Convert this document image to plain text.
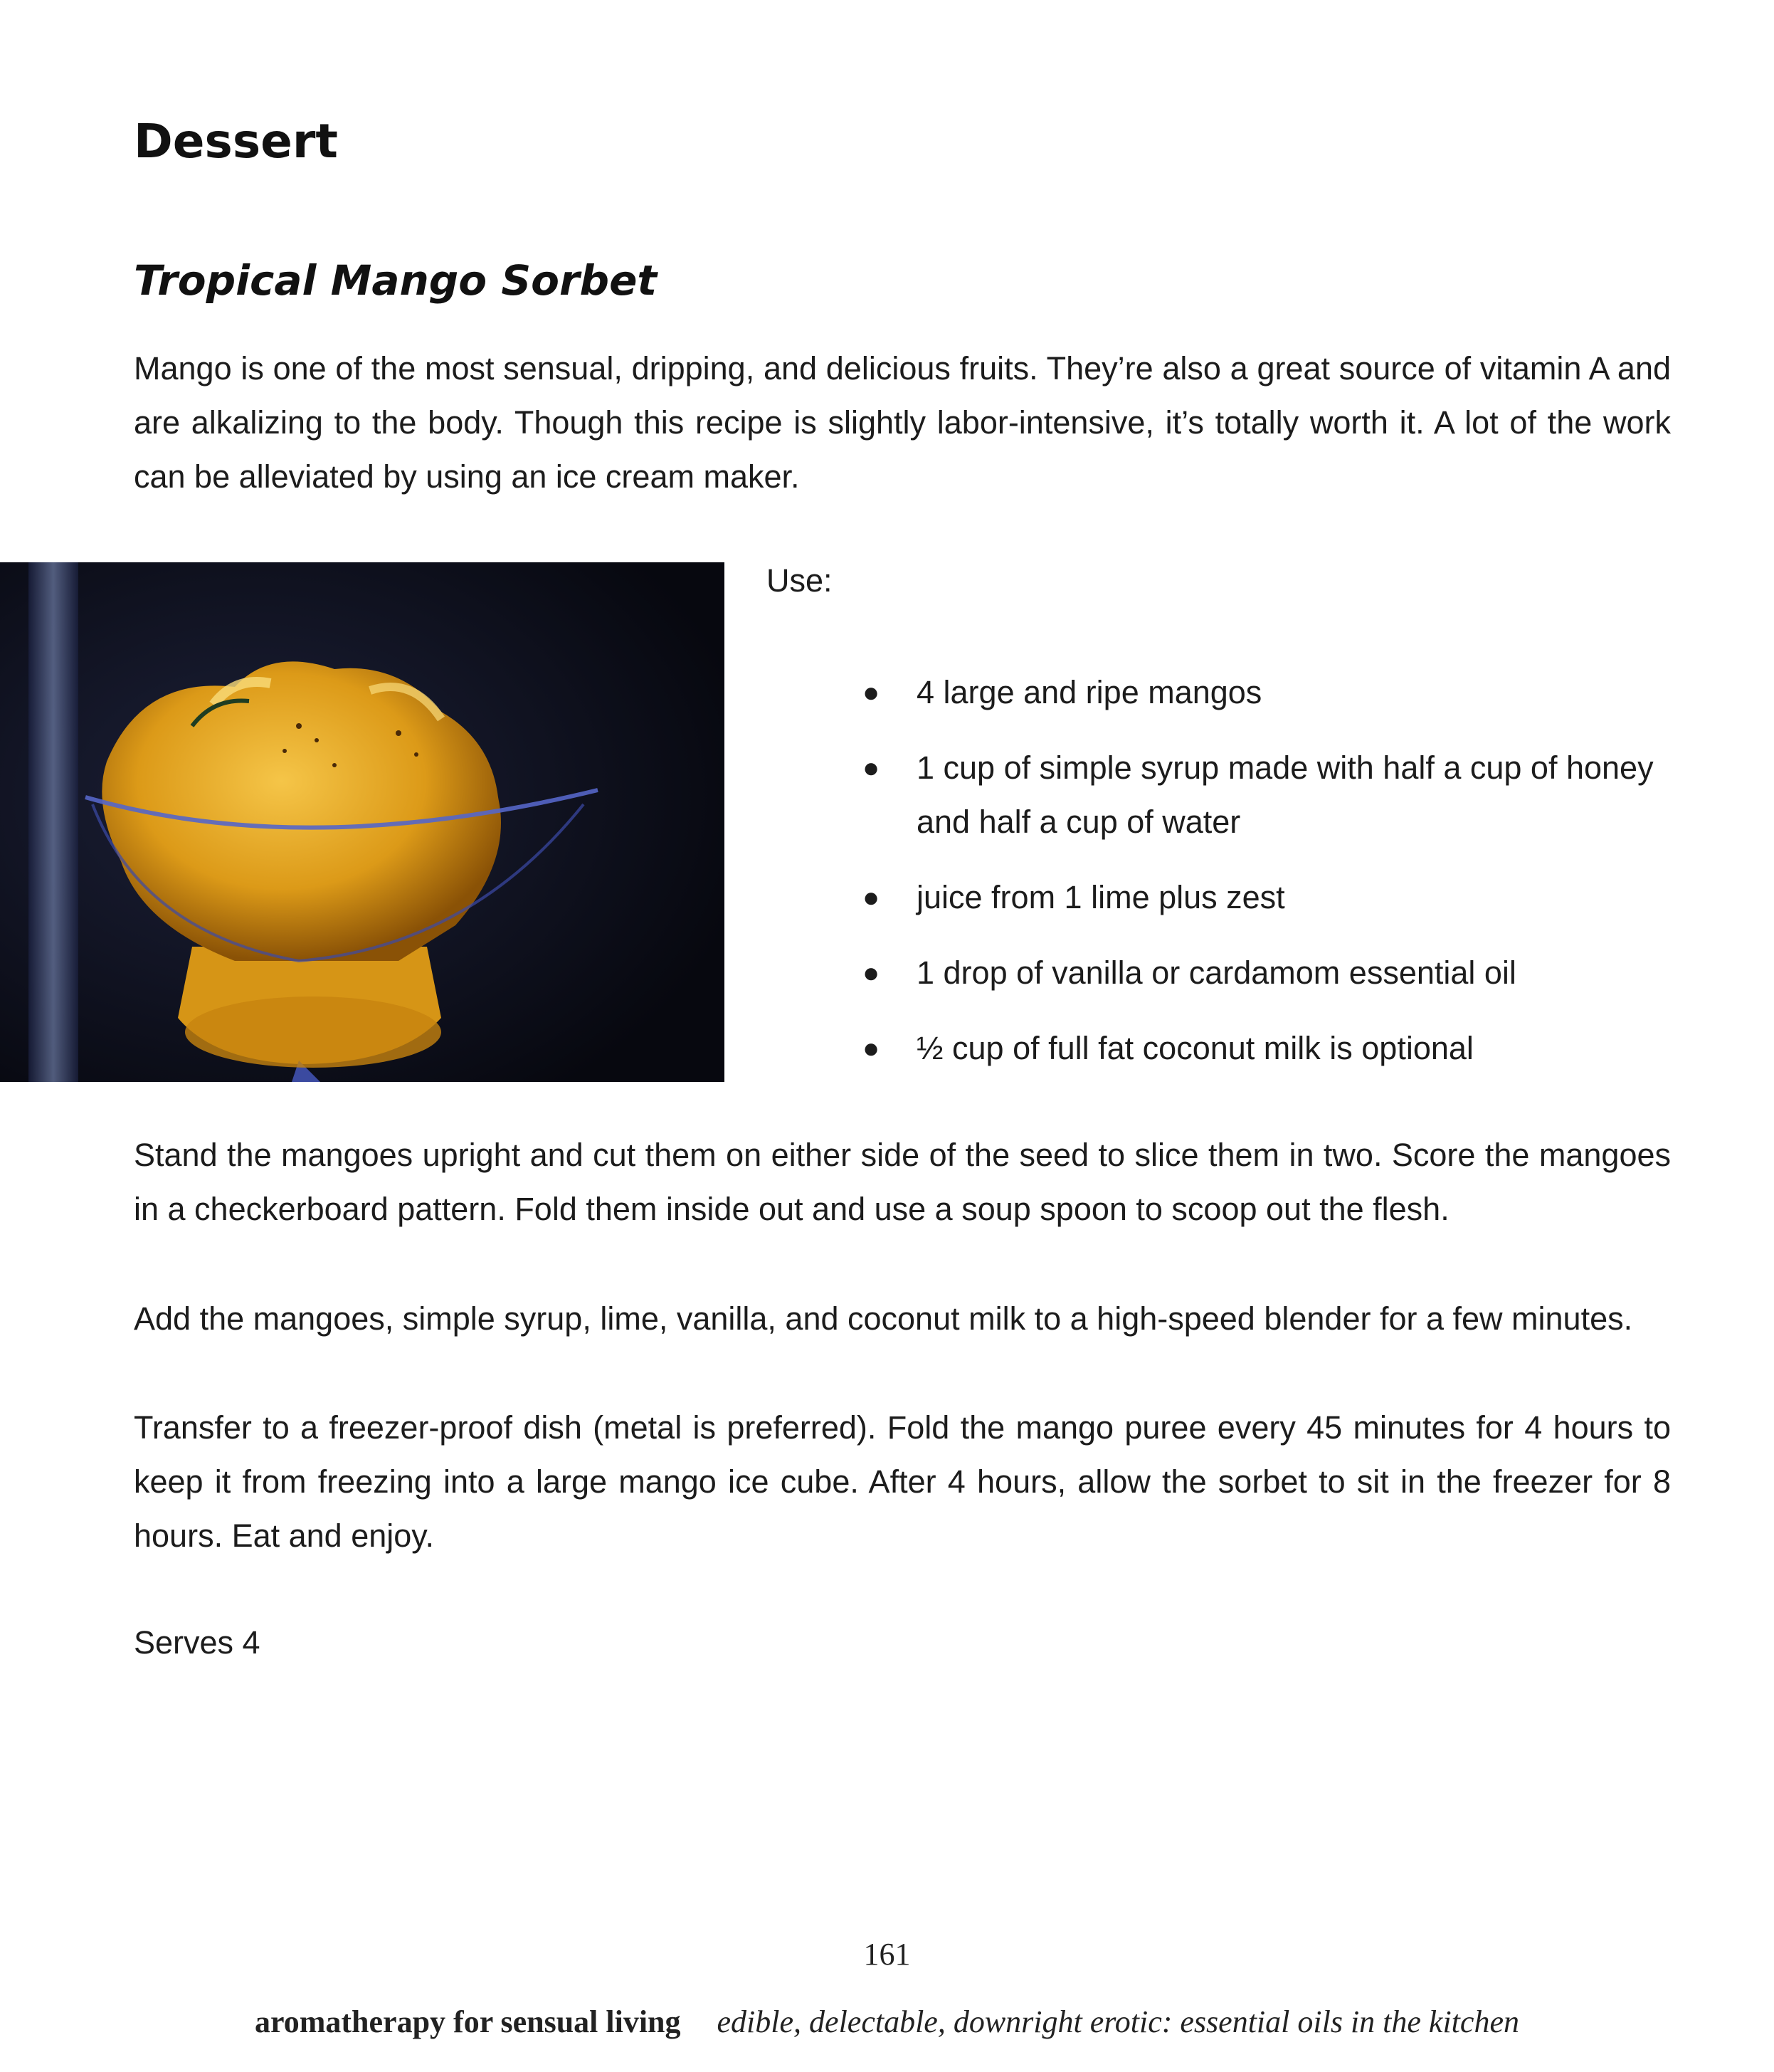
Dessert
Tropical Mango Sorbet

Mango is one of the most sensual, dripping, and delicious fruits. They’re also a great source of vitamin A and are alkalizing to the body. Though this recipe is slightly labor-intensive, it’s totally worth it. A lot of the work can be alleviated by using an ice cream maker.

Use:

● 4 large and ripe mangos
● 1 cup of simple syrup made with half a cup of honey and half a cup of water
● juice from 1 lime plus zest
● 1 drop of vanilla or cardamom essential oil
● ½ cup of full fat coconut milk is optional

Stand the mangoes upright and cut them on either side of the seed to slice them in two. Score the mangoes in a checkerboard pattern. Fold them inside out and use a soup spoon to scoop out the flesh.

Add the mangoes, simple syrup, lime, vanilla, and coconut milk to a high-speed blender for a few minutes.

Transfer to a freezer-proof dish (metal is preferred). Fold the mango puree every 45 minutes for 4 hours to keep it from freezing into a large mango ice cube. After 4 hours, allow the sorbet to sit in the freezer for 8 hours. Eat and enjoy.

Serves 4

161

aromatherapy for sensual living edible, delectable, downright erotic: essential oils in the kitchen
